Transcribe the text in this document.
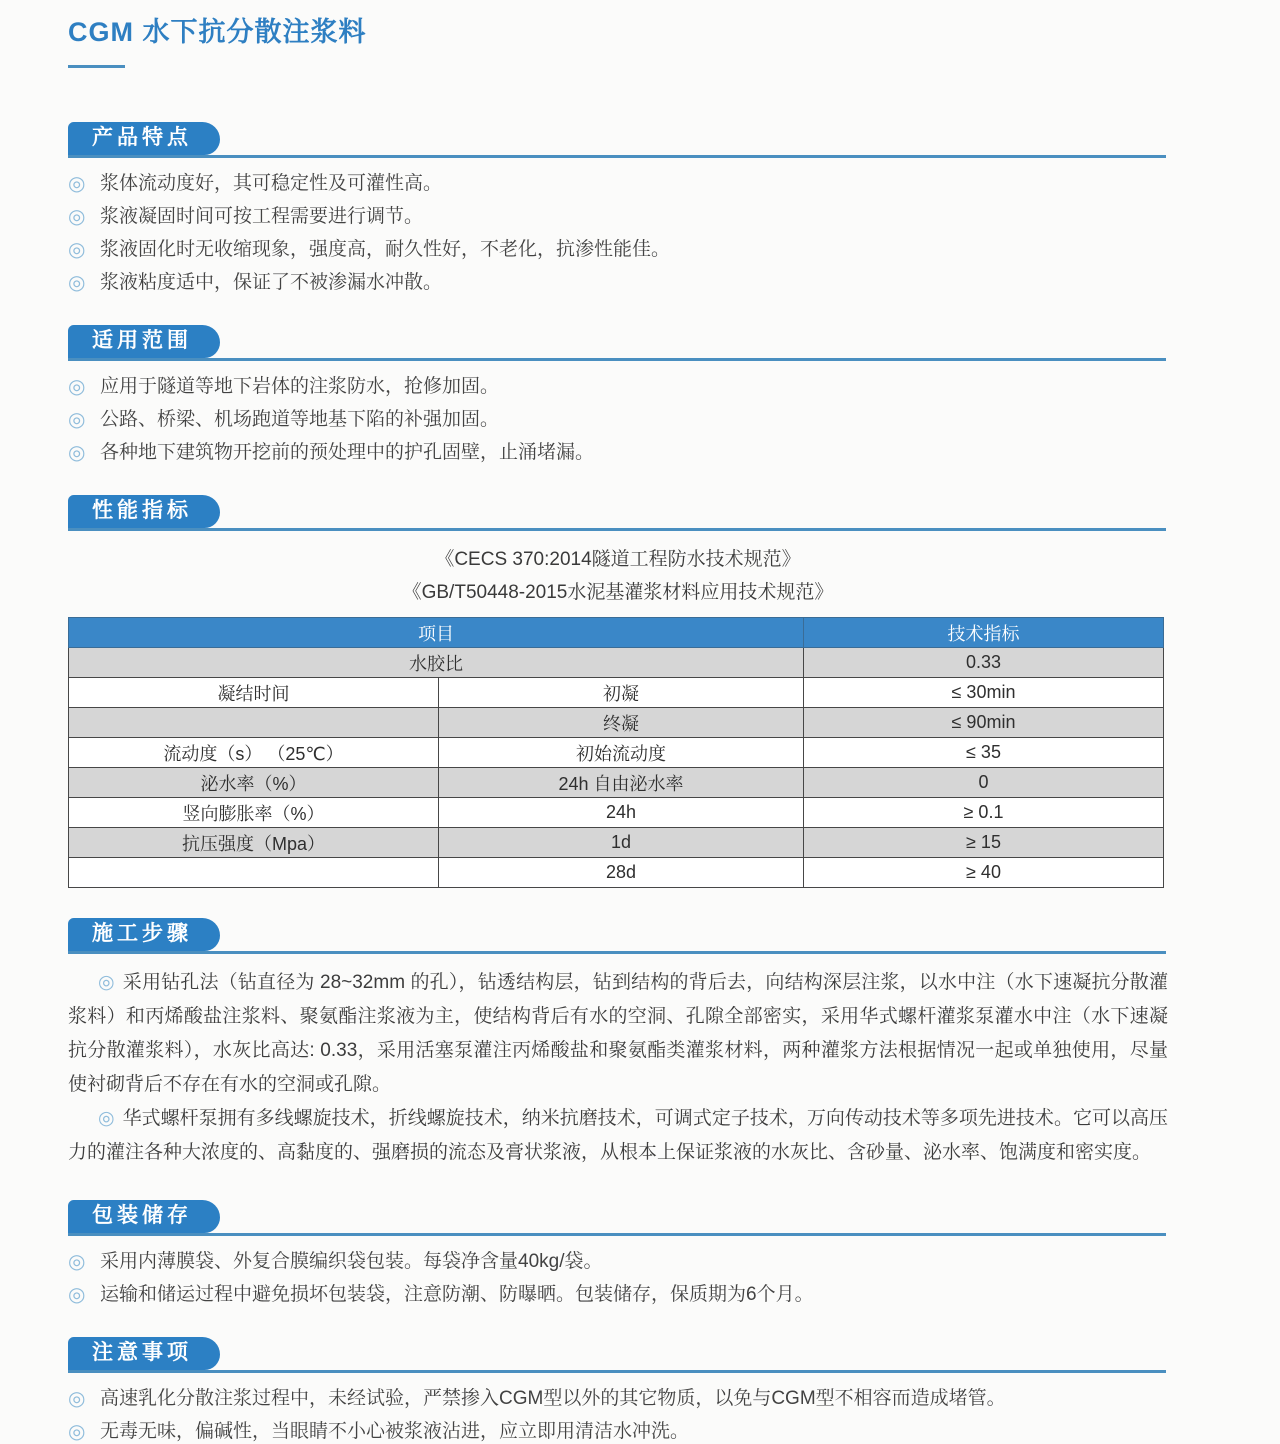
CGM 水下抗分散注浆料
产品特点
◎ 浆体流动度好，其可稳定性及可灌性高。
◎ 浆液凝固时间可按工程需要进行调节。
◎ 浆液固化时无收缩现象，强度高，耐久性好，不老化，抗渗性能佳。
◎ 浆液粘度适中，保证了不被渗漏水冲散。
适用范围
◎ 应用于隧道等地下岩体的注浆防水，抢修加固。
◎ 公路、桥梁、机场跑道等地基下陷的补强加固。
◎ 各种地下建筑物开挖前的预处理中的护孔固壁，止涌堵漏。
性能指标
《CECS 370:2014隧道工程防水技术规范》
《GB/T50448-2015水泥基灌浆材料应用技术规范》
项目		技术指标
水胶比		0.33
凝结时间	初凝	≤ 30min
	终凝	≤ 90min
流动度（s） （25℃）	初始流动度	≤ 35
泌水率（%）	24h 自由泌水率	0
竖向膨胀率（%）	24h	≥ 0.1
抗压强度（Mpa）	1d	≥ 15
	28d	≥ 40
施工步骤

◎ 采用钻孔法（钻直径为 28~32mm 的孔），钻透结构层，钻到结构的背后去，向结构深层注浆，以水中注（水下速凝抗分散灌浆料）和丙烯酸盐注浆料、聚氨酯注浆液为主，使结构背后有水的空洞、孔隙全部密实，采用华式螺杆灌浆泵灌水中注（水下速凝抗分散灌浆料），水灰比高达: 0.33，采用活塞泵灌注丙烯酸盐和聚氨酯类灌浆材料，两种灌浆方法根据情况一起或单独使用，尽量使衬砌背后不存在有水的空洞或孔隙。

◎ 华式螺杆泵拥有多线螺旋技术，折线螺旋技术，纳米抗磨技术，可调式定子技术，万向传动技术等多项先进技术。它可以高压力的灌注各种大浓度的、高黏度的、强磨损的流态及膏状浆液，从根本上保证浆液的水灰比、含砂量、泌水率、饱满度和密实度。

包装储存
◎ 采用内薄膜袋、外复合膜编织袋包装。每袋净含量40kg/袋。
◎ 运输和储运过程中避免损坏包装袋，注意防潮、防曝晒。包装储存，保质期为6个月。
注意事项
◎ 高速乳化分散注浆过程中，未经试验，严禁掺入CGM型以外的其它物质，以免与CGM型不相容而造成堵管。
◎ 无毒无味，偏碱性，当眼睛不小心被浆液沾进，应立即用清洁水冲洗。
